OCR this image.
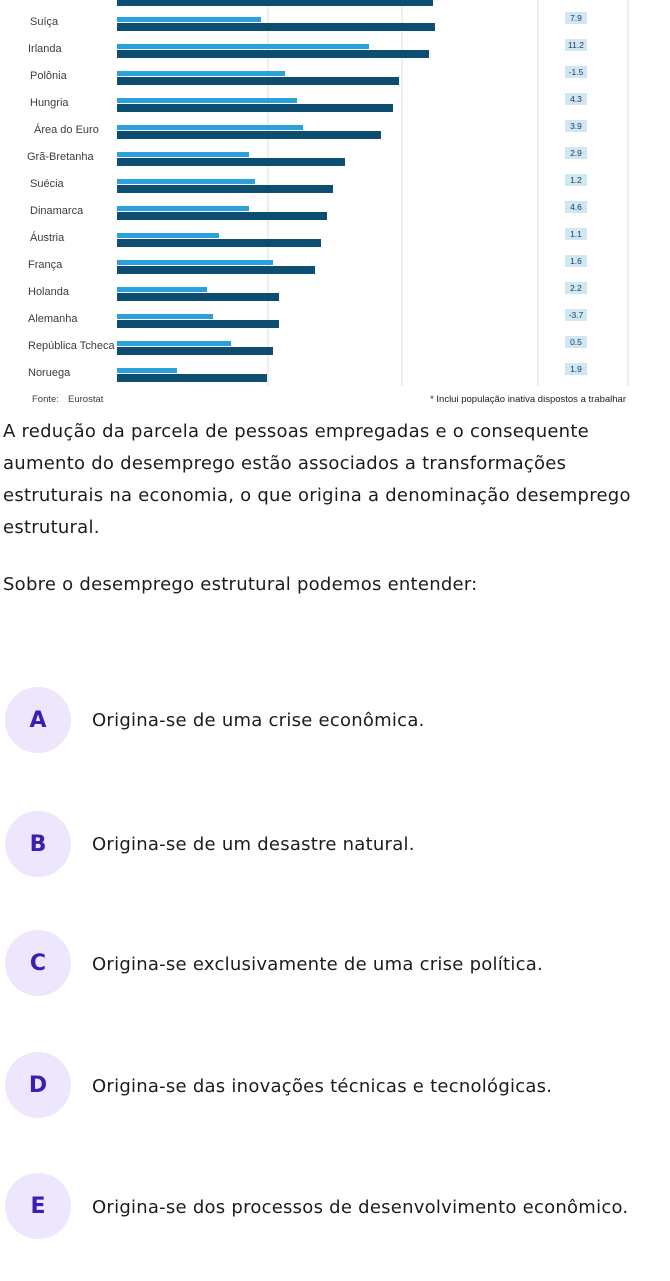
Suíça	7.9
Irlanda	11.2
Polônia	-1.5
Hungria	4.3
Área do Euro	3.9
Grã-Bretanha	2.9
Suécia	1.2
Dinamarca	4.6
Áustria	1.1
França	1.6
Holanda	2.2
Alemanha	-3.7
República Tcheca	0.5
Noruega	1.9
Fonte: Eurostat	* Inclui população inativa dispostos a trabalhar

A redução da parcela de pessoas empregadas e o consequente aumento do desemprego estão associados a transformações estruturais na economia, o que origina a denominação desemprego estrutural.

Sobre o desemprego estrutural podemos entender:

A	Origina-se de uma crise econômica.
B	Origina-se de um desastre natural.
C	Origina-se exclusivamente de uma crise política.
D	Origina-se das inovações técnicas e tecnológicas.
E	Origina-se dos processos de desenvolvimento econômico.
